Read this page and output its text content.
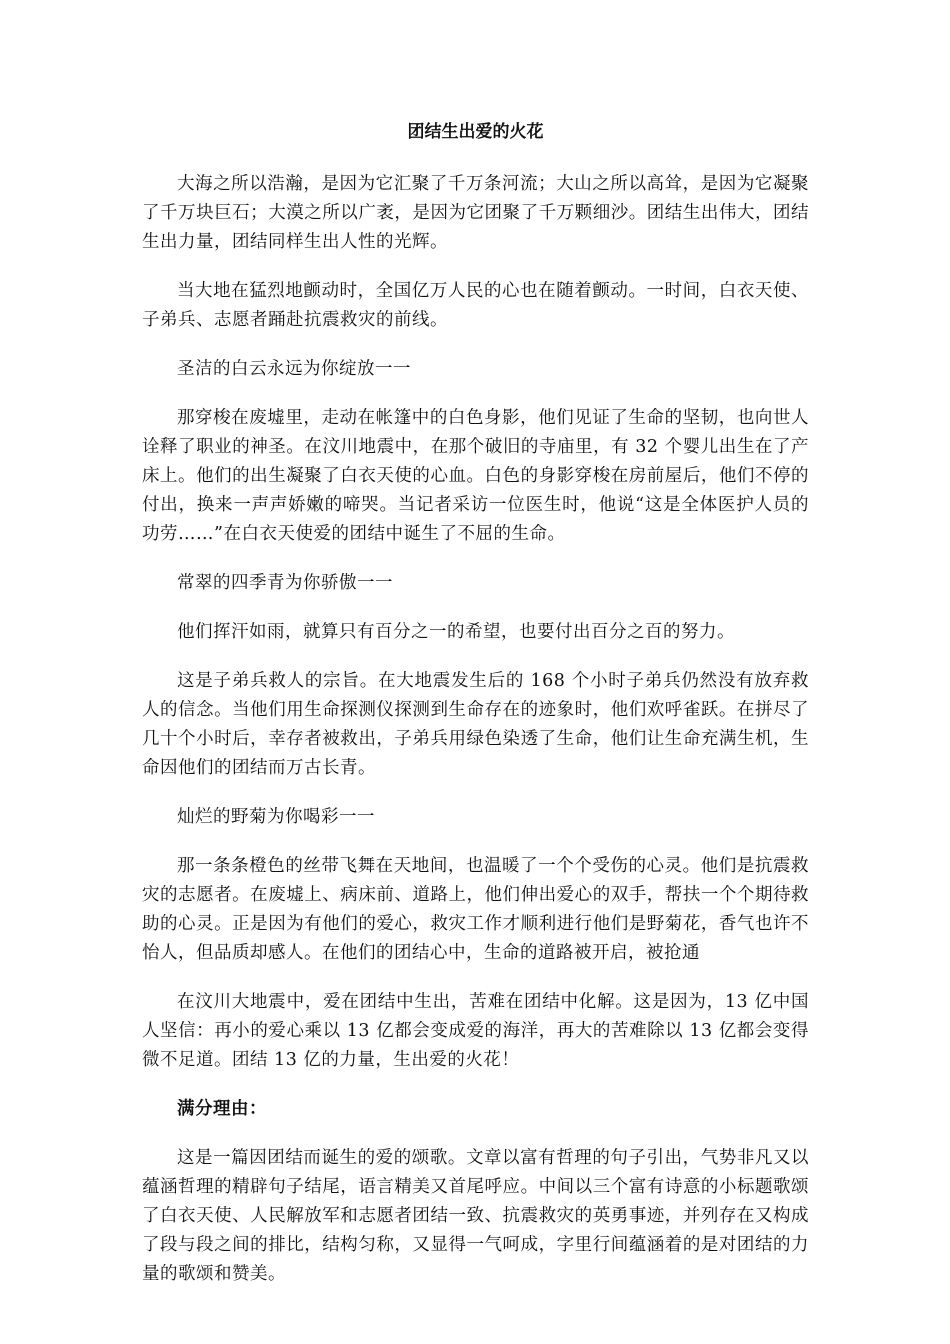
团结生出爱的火花

大海之所以浩瀚，是因为它汇聚了千万条河流；大山之所以高耸，是因为它凝聚了千万块巨石；大漠之所以广袤，是因为它团聚了千万颗细沙。团结生出伟大，团结生出力量，团结同样生出人性的光辉。

当大地在猛烈地颤动时，全国亿万人民的心也在随着颤动。一时间，白衣天使、子弟兵、志愿者踊赴抗震救灾的前线。

圣洁的白云永远为你绽放一一

那穿梭在废墟里，走动在帐篷中的白色身影，他们见证了生命的坚韧，也向世人诠释了职业的神圣。在汶川地震中，在那个破旧的寺庙里，有 32 个婴儿出生在了产床上。他们的出生凝聚了白衣天使的心血。白色的身影穿梭在房前屋后，他们不停的付出，换来一声声娇嫩的啼哭。当记者采访一位医生时，他说“这是全体医护人员的功劳……”在白衣天使爱的团结中诞生了不屈的生命。

常翠的四季青为你骄傲一一

他们挥汗如雨，就算只有百分之一的希望，也要付出百分之百的努力。

这是子弟兵救人的宗旨。在大地震发生后的 168 个小时子弟兵仍然没有放弃救人的信念。当他们用生命探测仪探测到生命存在的迹象时，他们欢呼雀跃。在拼尽了几十个小时后，幸存者被救出，子弟兵用绿色染透了生命，他们让生命充满生机，生命因他们的团结而万古长青。

灿烂的野菊为你喝彩一一

那一条条橙色的丝带飞舞在天地间，也温暖了一个个受伤的心灵。他们是抗震救灾的志愿者。在废墟上、病床前、道路上，他们伸出爱心的双手，帮扶一个个期待救助的心灵。正是因为有他们的爱心，救灾工作才顺利进行他们是野菊花，香气也许不怡人，但品质却感人。在他们的团结心中，生命的道路被开启，被抢通

在汶川大地震中，爱在团结中生出，苦难在团结中化解。这是因为，13 亿中国人坚信：再小的爱心乘以 13 亿都会变成爱的海洋，再大的苦难除以 13 亿都会变得微不足道。团结 13 亿的力量，生出爱的火花！

满分理由：

这是一篇因团结而诞生的爱的颂歌。文章以富有哲理的句子引出，气势非凡又以蕴涵哲理的精辟句子结尾，语言精美又首尾呼应。中间以三个富有诗意的小标题歌颂了白衣天使、人民解放军和志愿者团结一致、抗震救灾的英勇事迹，并列存在又构成了段与段之间的排比，结构匀称，又显得一气呵成，字里行间蕴涵着的是对团结的力量的歌颂和赞美。
